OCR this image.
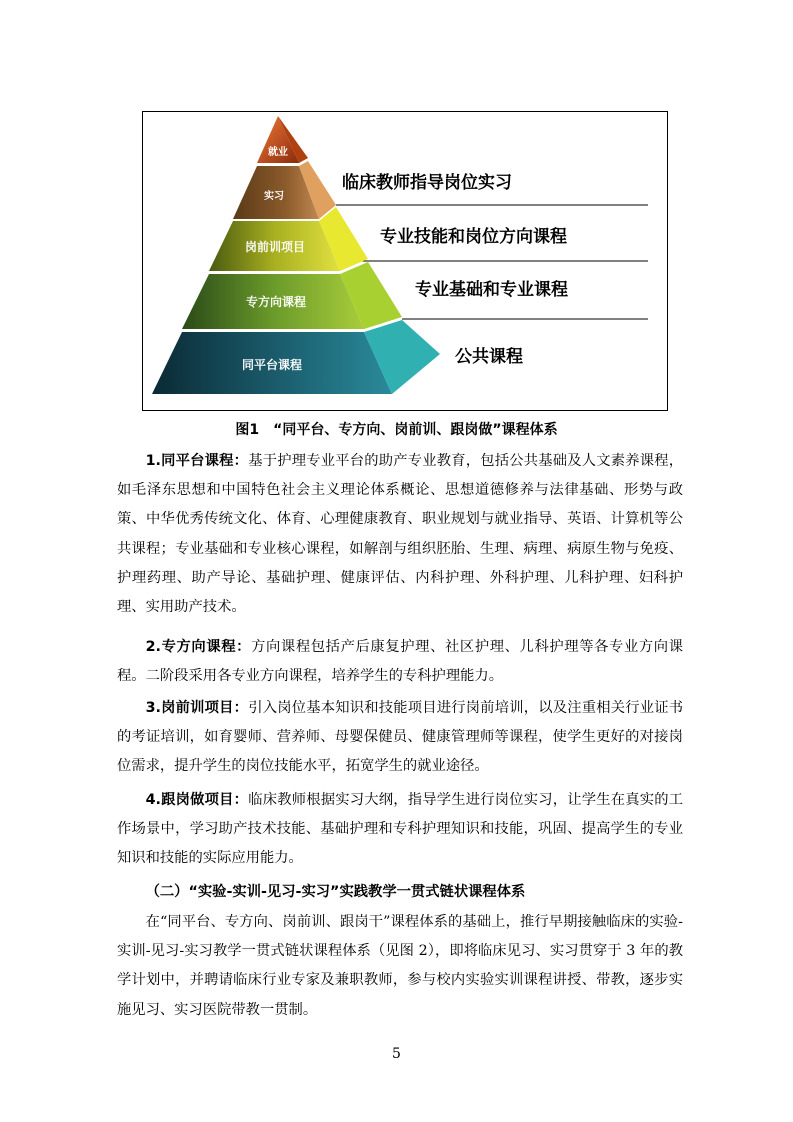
就业
实习
岗前训项目
专方向课程
同平台课程
临床教师指导岗位实习
专业技能和岗位方向课程
专业基础和专业课程
公共课程
图1　“同平台、专方向、岗前训、跟岗做”课程体系

1.同平台课程：基于护理专业平台的助产专业教育，包括公共基础及人文素养课程，如毛泽东思想和中国特色社会主义理论体系概论、思想道德修养与法律基础、形势与政策、中华优秀传统文化、体育、心理健康教育、职业规划与就业指导、英语、计算机等公共课程；专业基础和专业核心课程，如解剖与组织胚胎、生理、病理、病原生物与免疫、护理药理、助产导论、基础护理、健康评估、内科护理、外科护理、儿科护理、妇科护理、实用助产技术。

2.专方向课程：方向课程包括产后康复护理、社区护理、儿科护理等各专业方向课程。二阶段采用各专业方向课程，培养学生的专科护理能力。

3.岗前训项目：引入岗位基本知识和技能项目进行岗前培训，以及注重相关行业证书的考证培训，如育婴师、营养师、母婴保健员、健康管理师等课程，使学生更好的对接岗位需求，提升学生的岗位技能水平，拓宽学生的就业途径。

4.跟岗做项目：临床教师根据实习大纲，指导学生进行岗位实习，让学生在真实的工作场景中，学习助产技术技能、基础护理和专科护理知识和技能，巩固、提高学生的专业知识和技能的实际应用能力。

（二）“实验-实训-见习-实习”实践教学一贯式链状课程体系

在“同平台、专方向、岗前训、跟岗干”课程体系的基础上，推行早期接触临床的实验-实训-见习-实习教学一贯式链状课程体系（见图 2），即将临床见习、实习贯穿于 3 年的教学计划中，并聘请临床行业专家及兼职教师，参与校内实验实训课程讲授、带教，逐步实施见习、实习医院带教一贯制。

5
